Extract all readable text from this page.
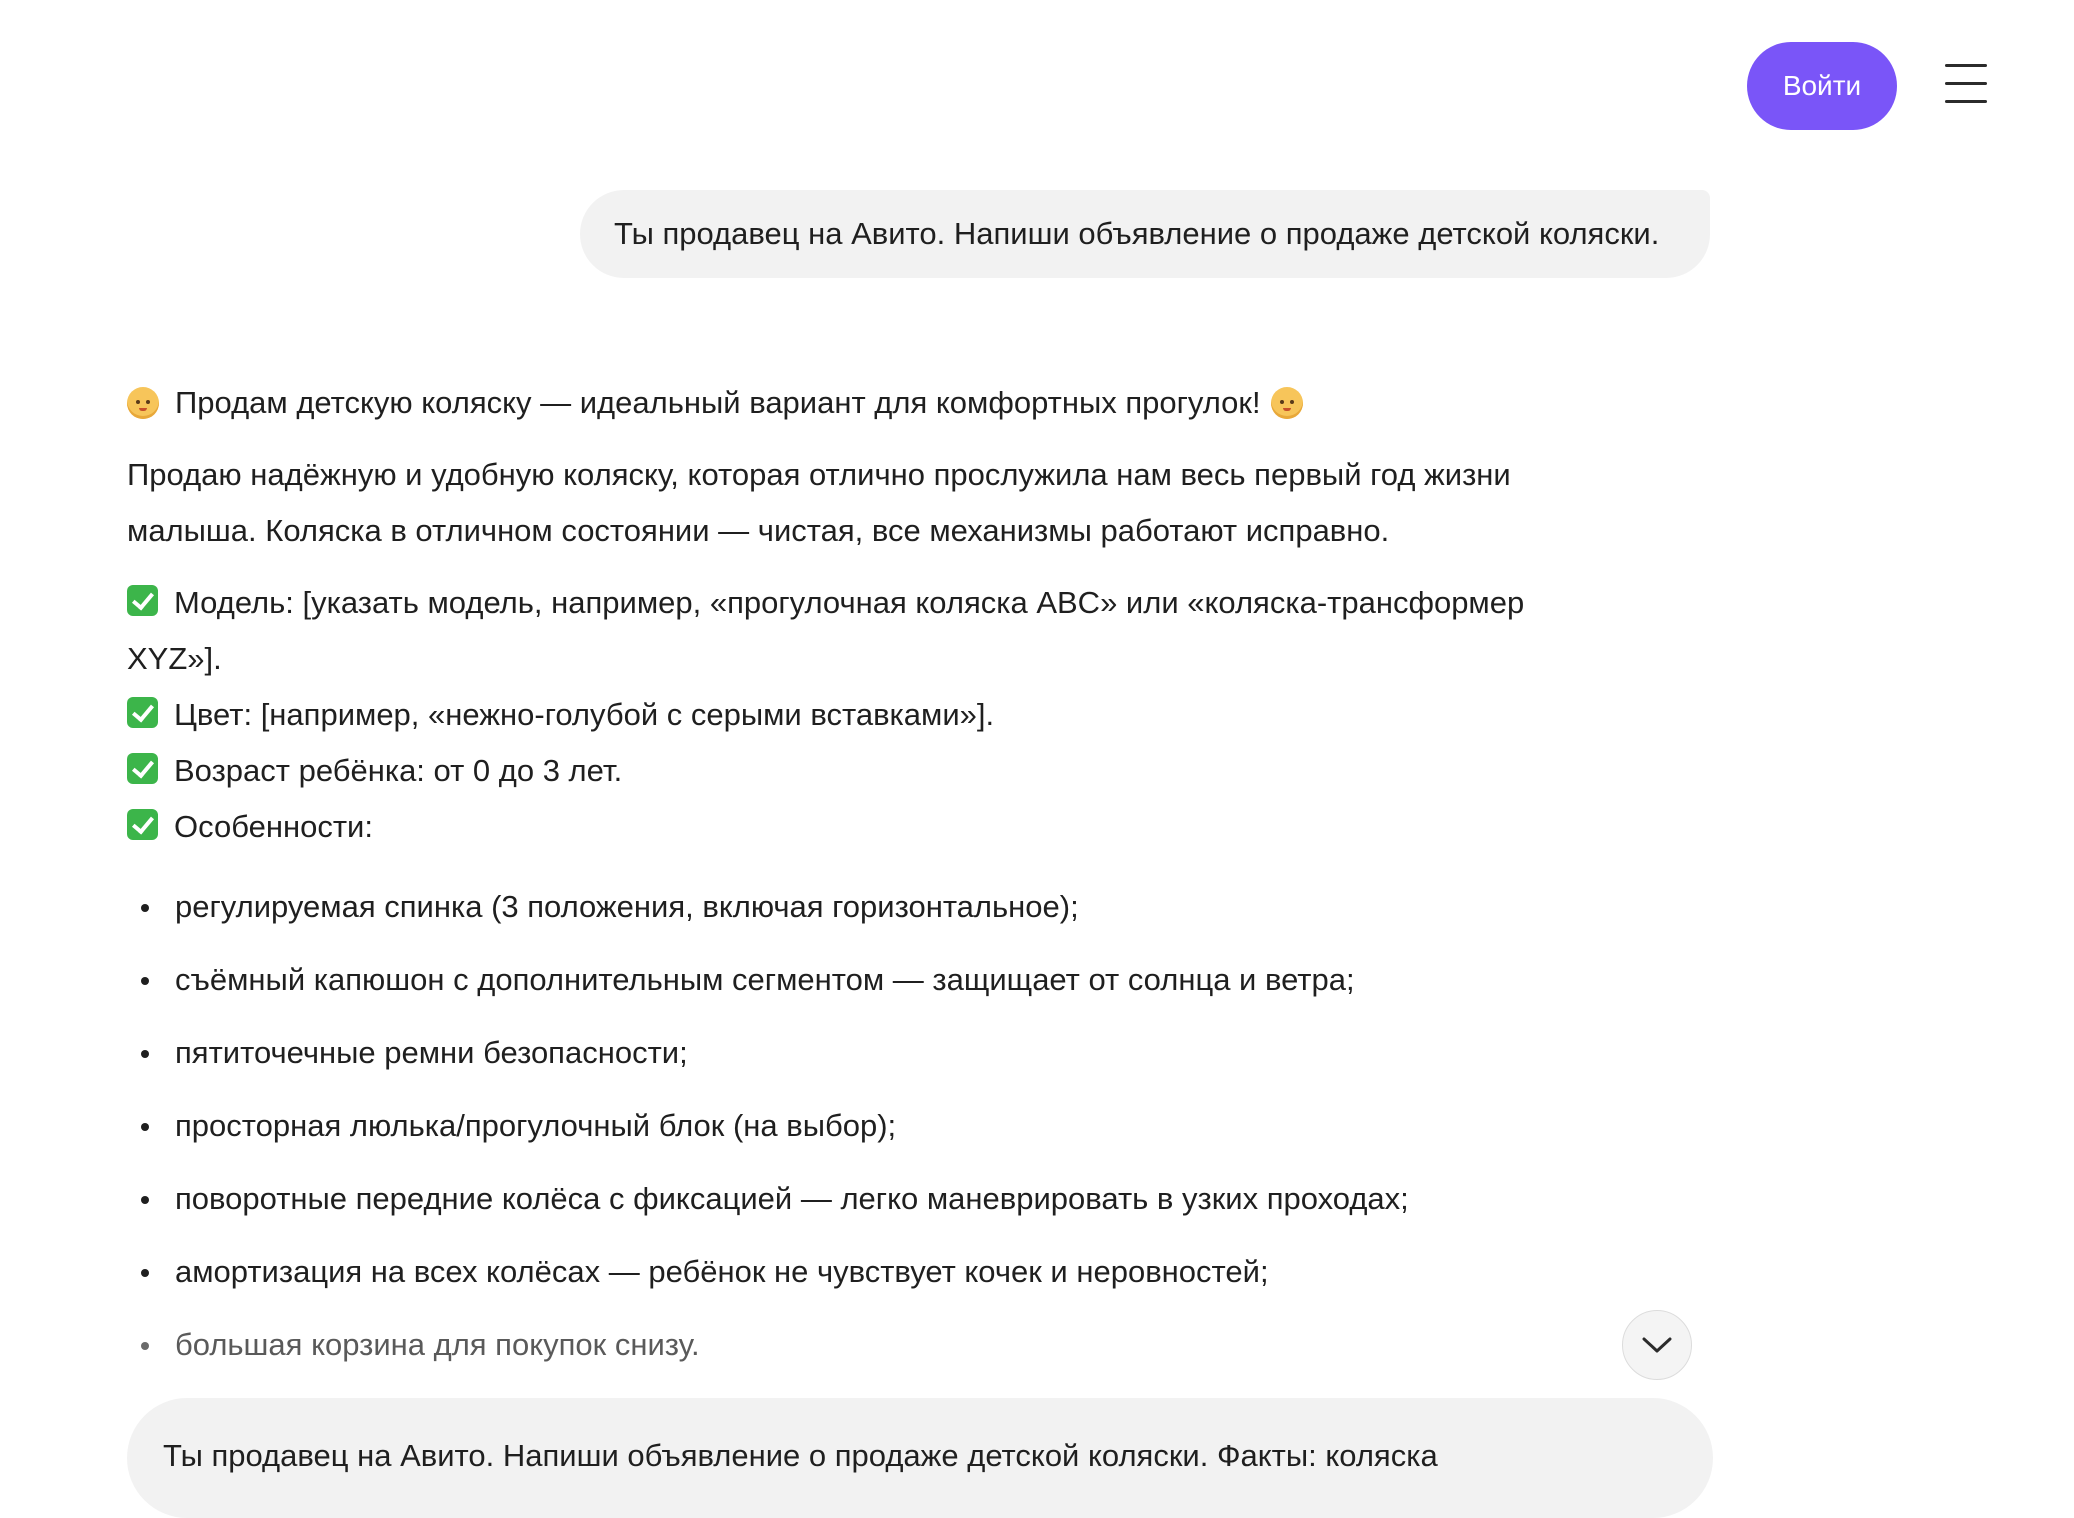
Войти
Ты продавец на Авито. Напиши объявление о продаже детской коляски.
Продам детскую коляску — идеальный вариант для комфортных прогулок!

Продаю надёжную и удобную коляску, которая отлично прослужила нам весь первый год жизни малыша. Коляска в отличном состоянии — чистая, все механизмы работают исправно.

Модель: [указать модель, например, «прогулочная коляска ABC» или «коляска-трансформер XYZ»].
Цвет: [например, «нежно-голубой с серыми вставками»].
Возраст ребёнка: от 0 до 3 лет.
Особенности:
регулируемая спинка (3 положения, включая горизонтальное);
съёмный капюшон с дополнительным сегментом — защищает от солнца и ветра;
пятиточечные ремни безопасности;
просторная люлька/прогулочный блок (на выбор);
поворотные передние колёса с фиксацией — легко маневрировать в узких проходах;
амортизация на всех колёсах — ребёнок не чувствует кочек и неровностей;
большая корзина для покупок снизу.
Ты продавец на Авито. Напиши объявление о продаже детской коляски. Факты: коляска
